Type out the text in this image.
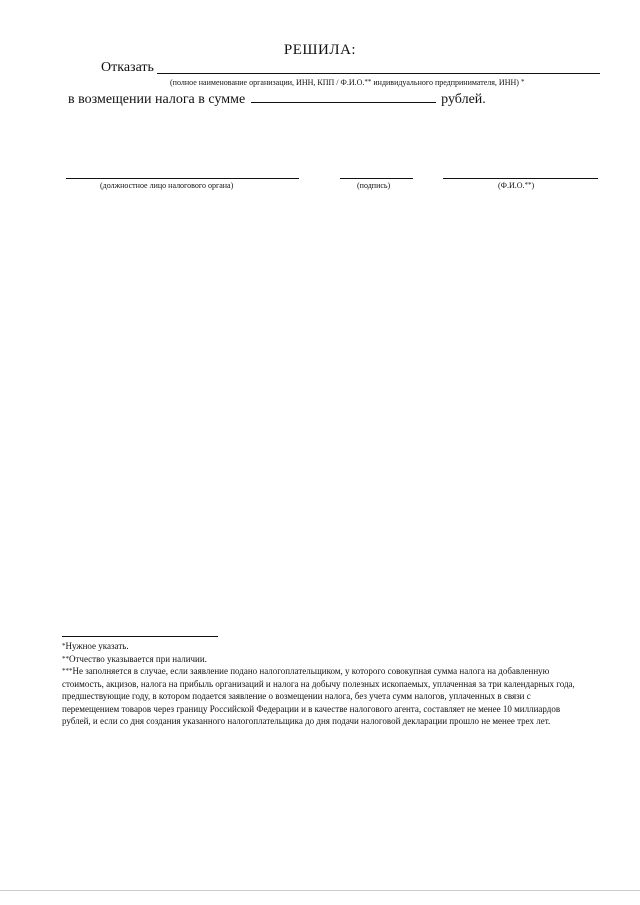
РЕШИЛА:
Отказать
(полное наименование организации, ИНН, КПП / Ф.И.О.** индивидуального предпринимателя, ИНН) *
в возмещении налога в сумме	рублей.
(должностное лицо налогового органа)	(подпись)	(Ф.И.О.**)
*Нужное указать.
**Отчество указывается при наличии.
***Не заполняется в случае, если заявление подано налогоплательщиком, у которого совокупная сумма налога на добавленную стоимость, акцизов, налога на прибыль организаций и налога на добычу полезных ископаемых, уплаченная за три календарных года, предшествующие году, в котором подается заявление о возмещении налога, без учета сумм налогов, уплаченных в связи с перемещением товаров через границу Российской Федерации и в качестве налогового агента, составляет не менее 10 миллиардов рублей, и если со дня создания указанного налогоплательщика до дня подачи налоговой декларации прошло не менее трех лет.
